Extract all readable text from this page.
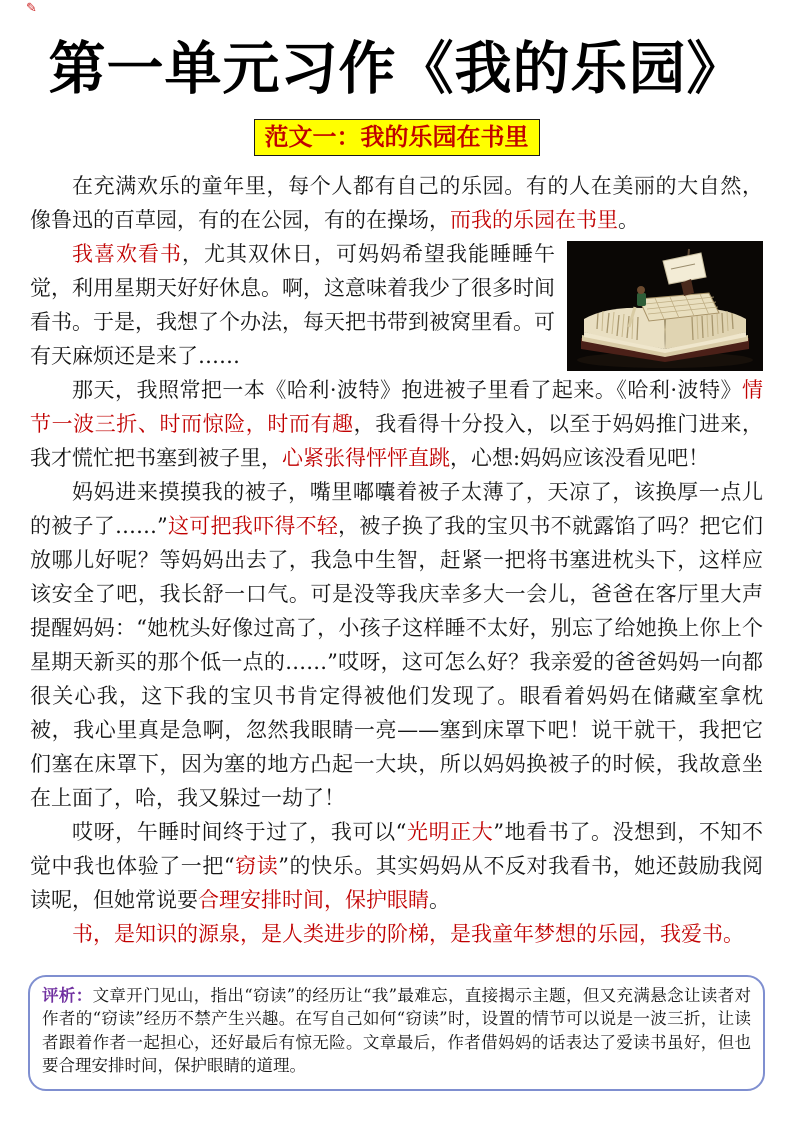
✎
第一单元习作《我的乐园》
范文一：我的乐园在书里

在充满欢乐的童年里，每个人都有自己的乐园。有的人在美丽的大自然，像鲁迅的百草园，有的在公园，有的在操场，而我的乐园在书里。

我喜欢看书，尤其双休日，可妈妈希望我能睡睡午觉，利用星期天好好休息。啊，这意味着我少了很多时间看书。于是，我想了个办法，每天把书带到被窝里看。可有天麻烦还是来了……

那天，我照常把一本《哈利·波特》抱进被子里看了起来。《哈利·波特》情节一波三折、时而惊险，时而有趣，我看得十分投入，以至于妈妈推门进来，我才慌忙把书塞到被子里，心紧张得怦怦直跳，心想:妈妈应该没看见吧！

妈妈进来摸摸我的被子，嘴里嘟囔着被子太薄了，天凉了，该换厚一点儿的被子了……”这可把我吓得不轻，被子换了我的宝贝书不就露馅了吗？把它们放哪儿好呢？等妈妈出去了，我急中生智，赶紧一把将书塞进枕头下，这样应该安全了吧，我长舒一口气。可是没等我庆幸多大一会儿，爸爸在客厅里大声提醒妈妈：“她枕头好像过高了，小孩子这样睡不太好，别忘了给她换上你上个星期天新买的那个低一点的……”哎呀，这可怎么好？我亲爱的爸爸妈妈一向都很关心我，这下我的宝贝书肯定得被他们发现了。眼看着妈妈在储藏室拿枕被，我心里真是急啊，忽然我眼睛一亮——塞到床罩下吧！说干就干，我把它们塞在床罩下，因为塞的地方凸起一大块，所以妈妈换被子的时候，我故意坐在上面了，哈，我又躲过一劫了！

哎呀，午睡时间终于过了，我可以“光明正大”地看书了。没想到，不知不觉中我也体验了一把“窃读”的快乐。其实妈妈从不反对我看书，她还鼓励我阅读呢，但她常说要合理安排时间，保护眼睛。

书，是知识的源泉，是人类进步的阶梯，是我童年梦想的乐园，我爱书。

评析：文章开门见山，指出“窃读”的经历让“我”最难忘，直接揭示主题，但又充满悬念让读者对作者的“窃读”经历不禁产生兴趣。在写自己如何“窃读”时，设置的情节可以说是一波三折，让读者跟着作者一起担心，还好最后有惊无险。文章最后，作者借妈妈的话表达了爱读书虽好，但也要合理安排时间，保护眼睛的道理。
